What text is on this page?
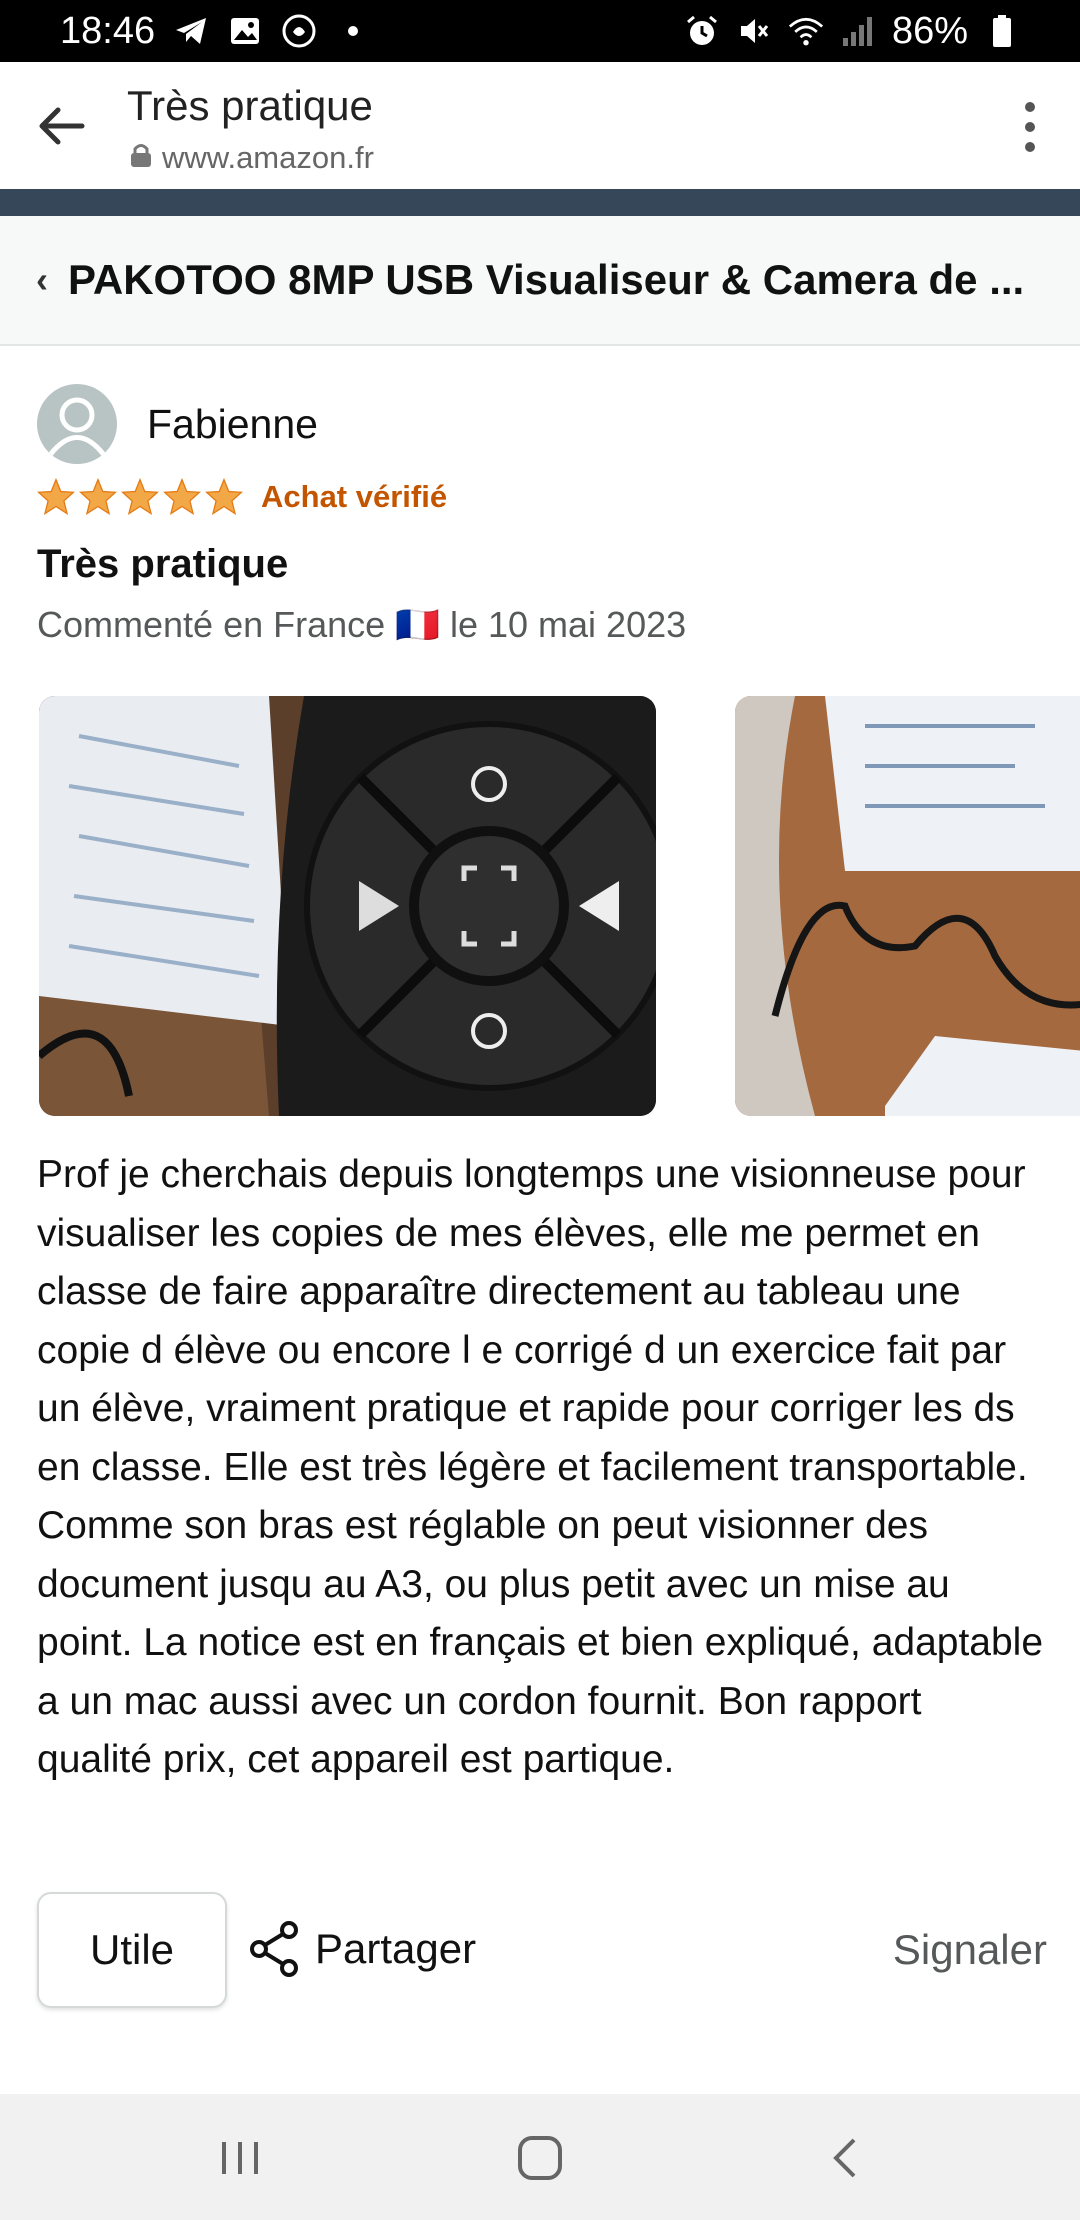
18:46	86%
Très pratique
www.amazon.fr
‹ PAKOTOO 8MP USB Visualiseur & Camera de ...
Fabienne
Achat vérifié
Très pratique
Commenté en France 🇫🇷 le 10 mai 2023
Prof je cherchais depuis longtemps une visionneuse pour visualiser les copies de mes élèves, elle me permet en classe de faire apparaître directement au tableau une copie d élève ou encore l e corrigé d un exercice fait par un élève, vraiment pratique et rapide pour corriger les ds en classe. Elle est très légère et facilement transportable. Comme son bras est réglable on peut visionner des document jusqu au A3, ou plus petit avec un mise au point. La notice est en français et bien expliqué, adaptable a un mac aussi avec un cordon fournit. Bon rapport qualité prix, cet appareil est partique.
Utile	Partager	Signaler
